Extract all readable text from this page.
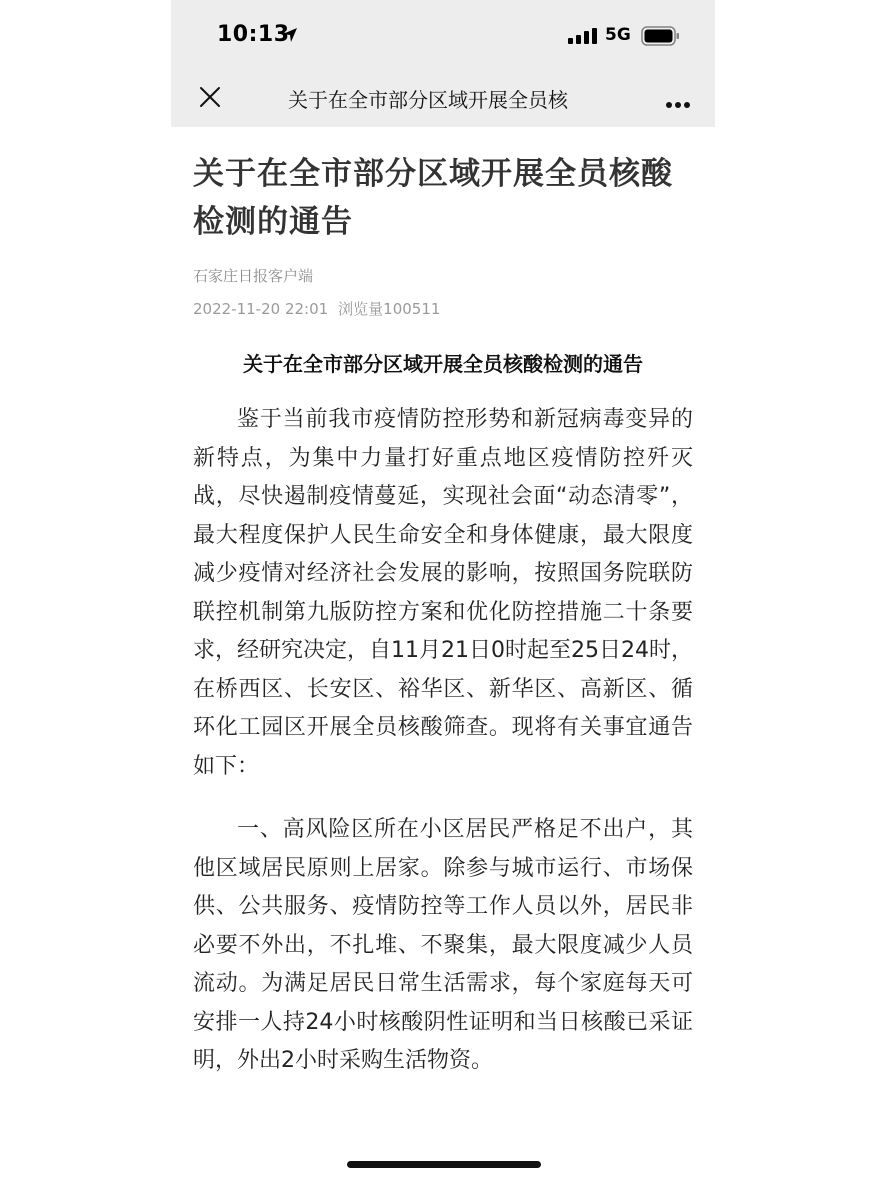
10:13	5G
关于在全市部分区域开展全员核
关于在全市部分区域开展全员核酸检测的通告
石家庄日报客户端
2022-11-20 22:01 浏览量100511
关于在全市部分区域开展全员核酸检测的通告

鉴于当前我市疫情防控形势和新冠病毒变异的新特点，为集中力量打好重点地区疫情防控歼灭战，尽快遏制疫情蔓延，实现社会面“动态清零”，最大程度保护人民生命安全和身体健康，最大限度减少疫情对经济社会发展的影响，按照国务院联防联控机制第九版防控方案和优化防控措施二十条要求，经研究决定，自11月21日0时起至25日24时，在桥西区、长安区、裕华区、新华区、高新区、循环化工园区开展全员核酸筛查。现将有关事宜通告如下：

一、高风险区所在小区居民严格足不出户，其他区域居民原则上居家。除参与城市运行、市场保供、公共服务、疫情防控等工作人员以外，居民非必要不外出，不扎堆、不聚集，最大限度减少人员流动。为满足居民日常生活需求，每个家庭每天可安排一人持24小时核酸阴性证明和当日核酸已采证明，外出2小时采购生活物资。
